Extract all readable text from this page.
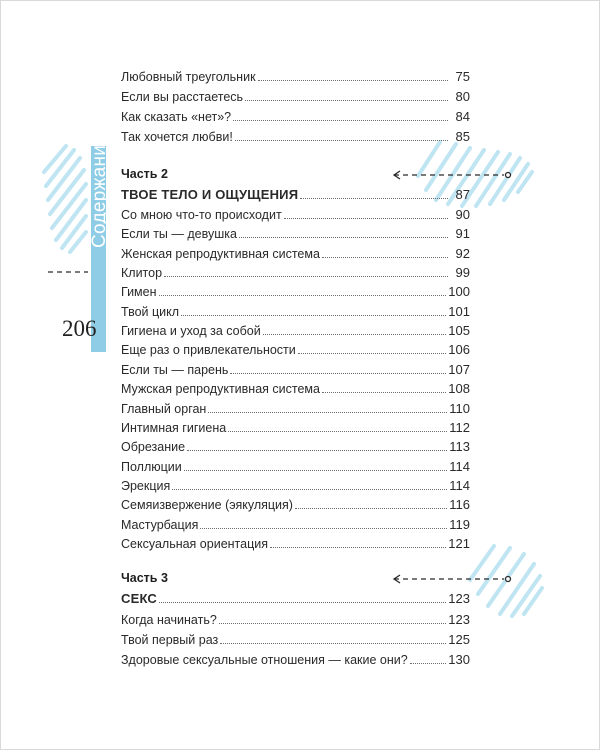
Содержание
206
Любовный треугольник	75
Если вы расстаетесь	80
Как сказать «нет»?	84
Так хочется любви!	85
Часть 2
ТВОЕ ТЕЛО И ОЩУЩЕНИЯ	87
Со мною что-то происходит	90
Если ты — девушка	91
Женская репродуктивная система	92
Клитор	99
Гимен	100
Твой цикл	101
Гигиена и уход за собой	105
Еще раз о привлекательности	106
Если ты — парень	107
Мужская репродуктивная система	108
Главный орган	110
Интимная гигиена	112
Обрезание	113
Поллюции	114
Эрекция	114
Семяизвержение (эякуляция)	116
Мастурбация	119
Сексуальная ориентация	121
Часть 3
СЕКС	123
Когда начинать?	123
Твой первый раз	125
Здоровые сексуальные отношения — какие они?	130
